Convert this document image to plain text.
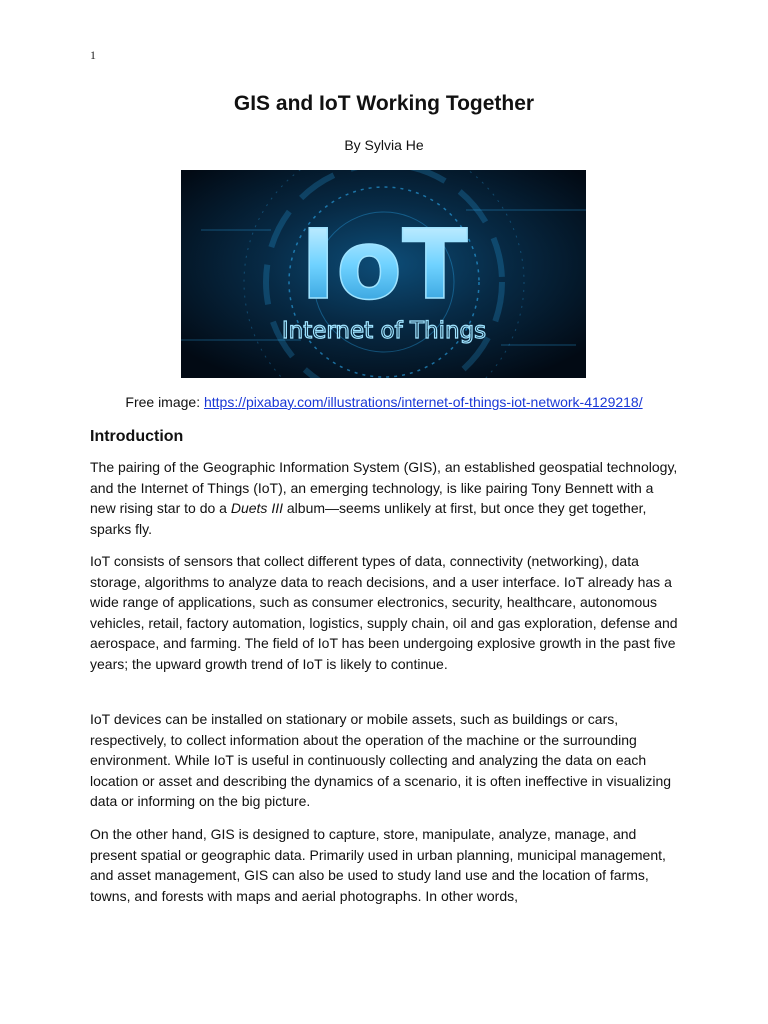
1
GIS and IoT Working Together

By Sylvia He

IoT
Internet of Things

Free image: https://pixabay.com/illustrations/internet-of-things-iot-network-4129218/

Introduction

The pairing of the Geographic Information System (GIS), an established geospatial technology, and the Internet of Things (IoT), an emerging technology, is like pairing Tony Bennett with a new rising star to do a Duets III album—seems unlikely at first, but once they get together, sparks fly.

IoT consists of sensors that collect different types of data, connectivity (networking), data storage, algorithms to analyze data to reach decisions, and a user interface. IoT already has a wide range of applications, such as consumer electronics, security, healthcare, autonomous vehicles, retail, factory automation, logistics, supply chain, oil and gas exploration, defense and aerospace, and farming. The field of IoT has been undergoing explosive growth in the past five years; the upward growth trend of IoT is likely to continue.

IoT devices can be installed on stationary or mobile assets, such as buildings or cars, respectively, to collect information about the operation of the machine or the surrounding environment. While IoT is useful in continuously collecting and analyzing the data on each location or asset and describing the dynamics of a scenario, it is often ineffective in visualizing data or informing on the big picture.

On the other hand, GIS is designed to capture, store, manipulate, analyze, manage, and present spatial or geographic data. Primarily used in urban planning, municipal management, and asset management, GIS can also be used to study land use and the location of farms, towns, and forests with maps and aerial photographs. In other words,
